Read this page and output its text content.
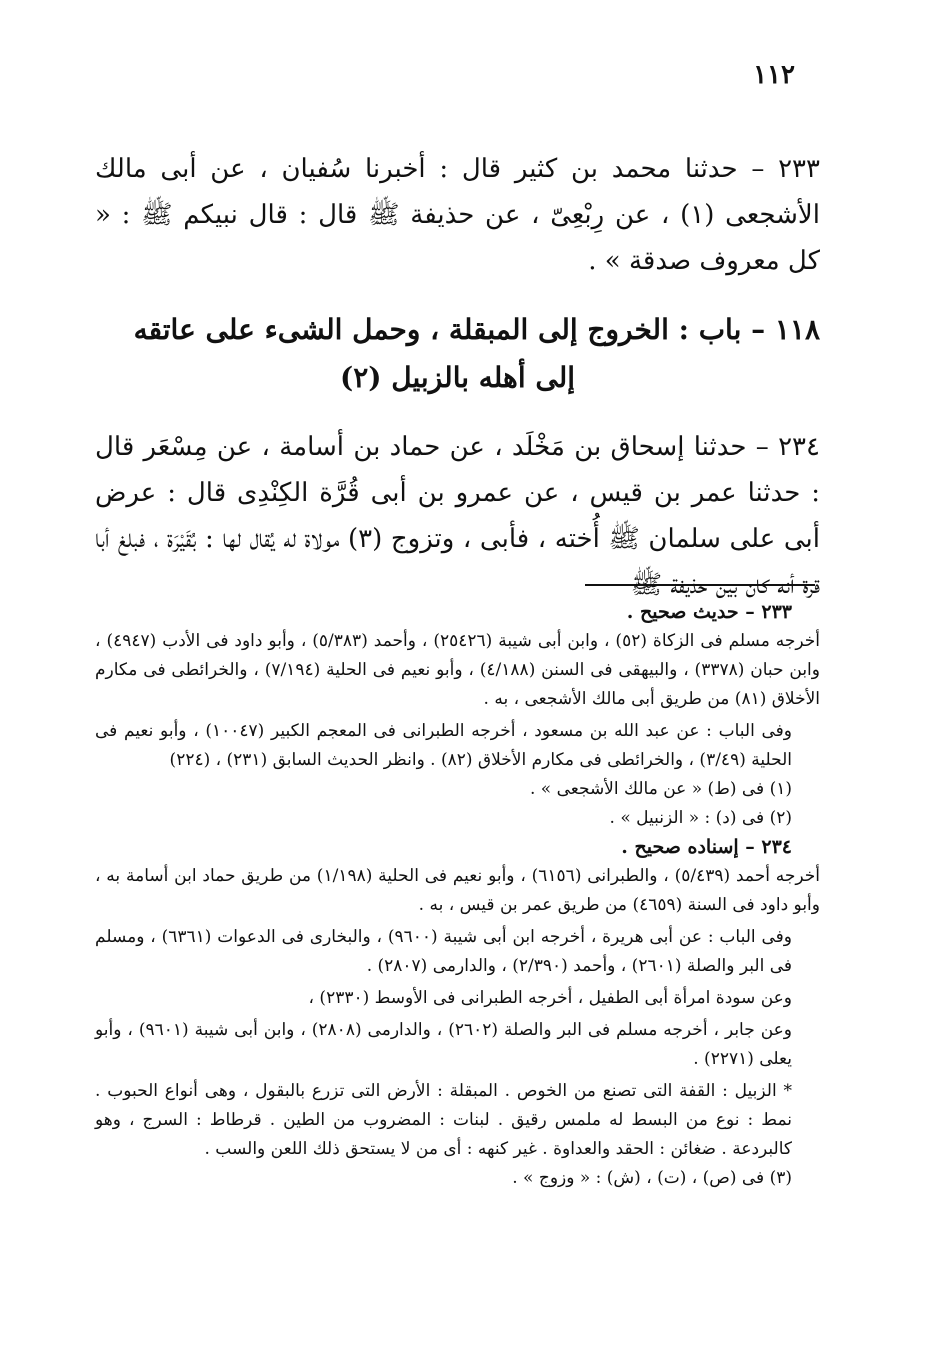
١١٢

٢٣٣ – حدثنا محمد بن كثير قال : أخبرنا سُفيان ، عن أبى مالك الأشجعى (١) ، عن رِبْعِىّ ، عن حذيفة ﷺ قال : قال نبيكم ﷺ : « كل معروف صدقة » .

١١٨ – باب : الخروج إلى المبقلة ، وحمل الشىء على عاتقه
إلى أهله بالزبيل (٢)

٢٣٤ – حدثنا إسحاق بن مَخْلَد ، عن حماد بن أسامة ، عن مِسْعَر قال : حدثنا عمر بن قيس ، عن عمرو بن أبى قُرَّة الكِنْدِى قال : عرض أبى على سلمان ﷺ أُخته ، فأبى ، وتزوج (٣) مولاة له يُقال لها : بُقَيْرَة ، فبلغ أبا قرة أنه كان بين حذيفة ﷺ

٢٣٣ – حديث صحيح .

أخرجه مسلم فى الزكاة (٥٢) ، وابن أبى شيبة (٢٥٤٢٦) ، وأحمد (٥/٣٨٣) ، وأبو داود فى الأدب (٤٩٤٧) ، وابن حبان (٣٣٧٨) ، والبيهقى فى السنن (٤/١٨٨) ، وأبو نعيم فى الحلية (٧/١٩٤) ، والخرائطى فى مكارم الأخلاق (٨١) من طريق أبى مالك الأشجعى ، به .

وفى الباب : عن عبد الله بن مسعود ، أخرجه الطبرانى فى المعجم الكبير (١٠٠٤٧) ، وأبو نعيم فى الحلية (٣/٤٩) ، والخرائطى فى مكارم الأخلاق (٨٢) . وانظر الحديث السابق (٢٣١) ، (٢٢٤)

(١) فى (ط) « عن مالك الأشجعى » .

(٢) فى (د) : « الزنبيل » .

٢٣٤ – إسناده صحيح .

أخرجه أحمد (٥/٤٣٩) ، والطبرانى (٦١٥٦) ، وأبو نعيم فى الحلية (١/١٩٨) من طريق حماد ابن أسامة به ، وأبو داود فى السنة (٤٦٥٩) من طريق عمر بن قيس ، به .

وفى الباب : عن أبى هريرة ، أخرجه ابن أبى شيبة (٩٦٠٠) ، والبخارى فى الدعوات (٦٣٦١) ، ومسلم فى البر والصلة (٢٦٠١) ، وأحمد (٢/٣٩٠) ، والدارمى (٢٨٠٧) .

وعن سودة امرأة أبى الطفيل ، أخرجه الطبرانى فى الأوسط (٢٣٣٠) ،

وعن جابر ، أخرجه مسلم فى البر والصلة (٢٦٠٢) ، والدارمى (٢٨٠٨) ، وابن أبى شيبة (٩٦٠١) ، وأبو يعلى (٢٢٧١) .

* الزبيل : القفة التى تصنع من الخوص . المبقلة : الأرض التى تزرع بالبقول ، وهى أنواع الحبوب . نمط : نوع من البسط له ملمس رقيق . لبنات : المضروب من الطين . قرطاط : السرج ، وهو كالبردعة . ضغائن : الحقد والعداوة . غير كنهه : أى من لا يستحق ذلك اللعن والسب .

(٣) فى (ص) ، (ت) ، (ش) : « وزوج » .
